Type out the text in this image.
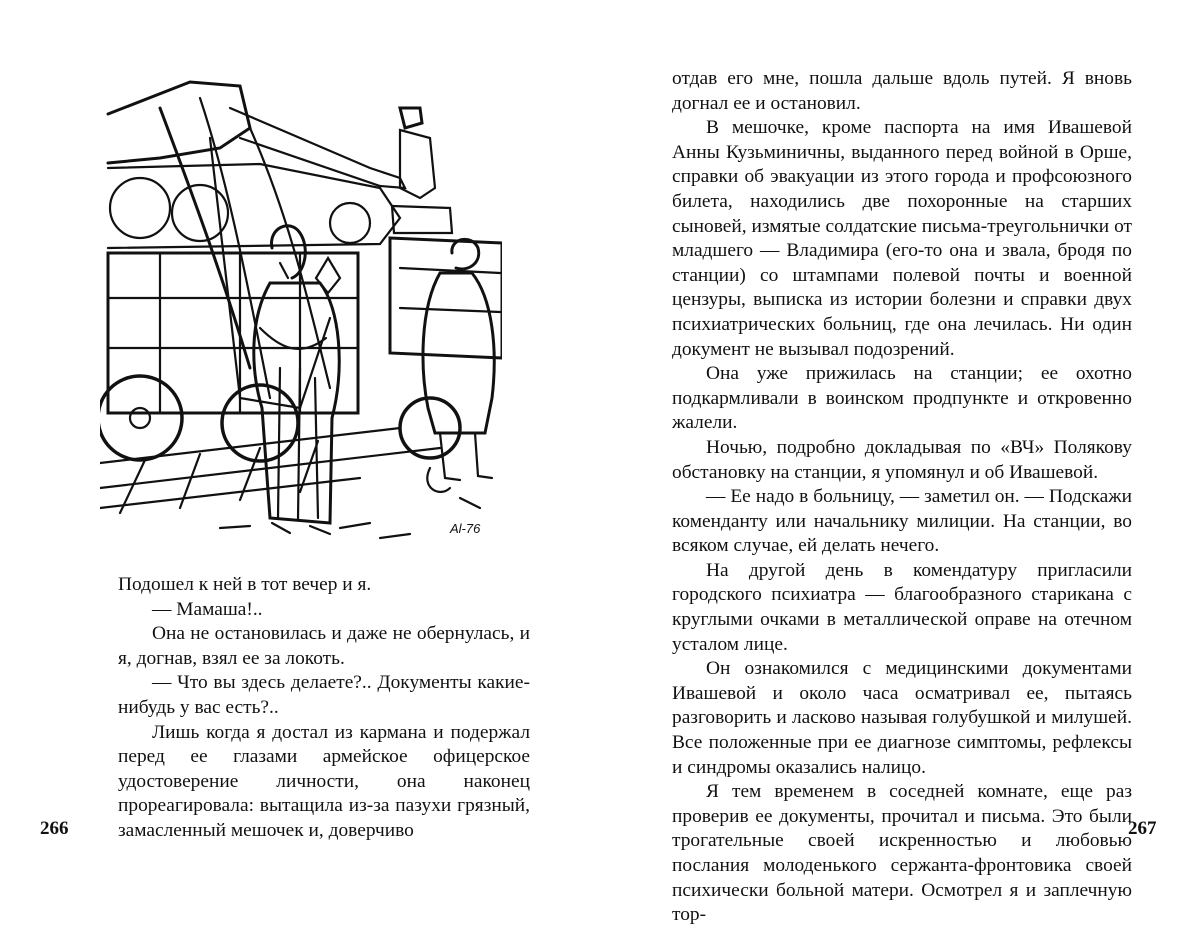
Al-76

Подошел к ней в тот вечер и я.

— Мамаша!..

Она не остановилась и даже не обернулась, и я, догнав, взял ее за локоть.

— Что вы здесь делаете?.. Документы какие-нибудь у вас есть?..

Лишь когда я достал из кармана и подержал перед ее глазами армейское офицерское удостоверение личности, она наконец прореагировала: вытащила из-за пазухи грязный, замасленный мешочек и, доверчиво

266

отдав его мне, пошла дальше вдоль путей. Я вновь догнал ее и остановил.

В мешочке, кроме паспорта на имя Ивашевой Анны Кузьминичны, выданного перед войной в Орше, справки об эвакуации из этого города и профсоюзного билета, находились две похоронные на старших сыновей, измятые солдатские письма-треугольнички от младшего — Владимира (его-то она и звала, бродя по станции) со штампами полевой почты и военной цензуры, выписка из истории болезни и справки двух психиатрических больниц, где она лечилась. Ни один документ не вызывал подозрений.

Она уже прижилась на станции; ее охотно подкармливали в воинском продпункте и откровенно жалели.

Ночью, подробно докладывая по «ВЧ» Полякову обстановку на станции, я упомянул и об Ивашевой.

— Ее надо в больницу, — заметил он. — Подскажи коменданту или начальнику милиции. На станции, во всяком случае, ей делать нечего.

На другой день в комендатуру пригласили городского психиатра — благообразного старикана с круглыми очками в металлической оправе на отечном усталом лице.

Он ознакомился с медицинскими документами Ивашевой и около часа осматривал ее, пытаясь разговорить и ласково называя голубушкой и милушей. Все положенные при ее диагнозе симптомы, рефлексы и синдромы оказались налицо.

Я тем временем в соседней комнате, еще раз проверив ее документы, прочитал и письма. Это были трогательные своей искренностью и любовью послания молоденького сержанта-фронтовика своей психически больной матери. Осмотрел я и заплечную тор-

267
